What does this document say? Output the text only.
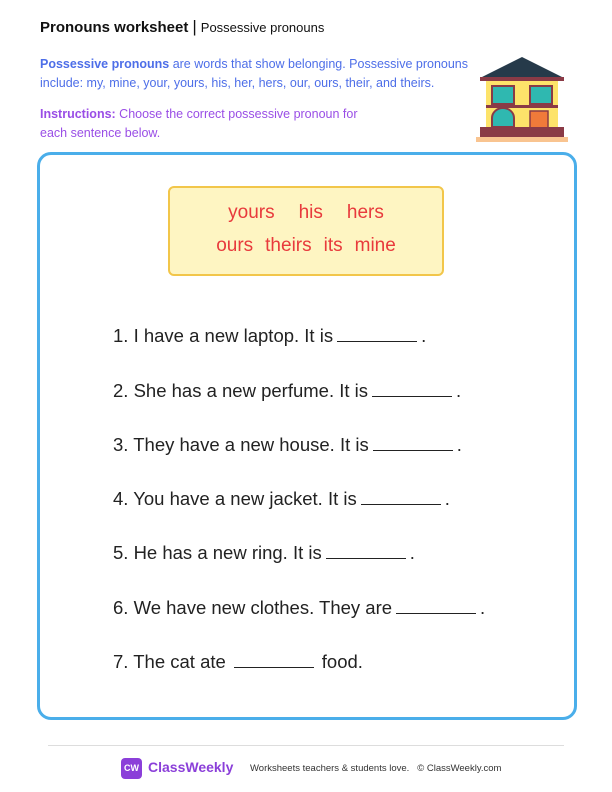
Pronouns worksheet | Possessive pronouns
Possessive pronouns are words that show belonging. Possessive pronouns include: my, mine, your, yours, his, her, hers, our, ours, their, and theirs.
Instructions: Choose the correct possessive pronoun for each sentence below.
yours his hers
ours theirs its mine
1. I have a new laptop. It is	.
2. She has a new perfume. It is	.
3. They have a new house. It is	.
4. You have a new jacket. It is	.
5. He has a new ring. It is	.
6. We have new clothes. They are	.
7. The cat ate	food.
CW ClassWeekly Worksheets teachers & students love.   © ClassWeekly.com
